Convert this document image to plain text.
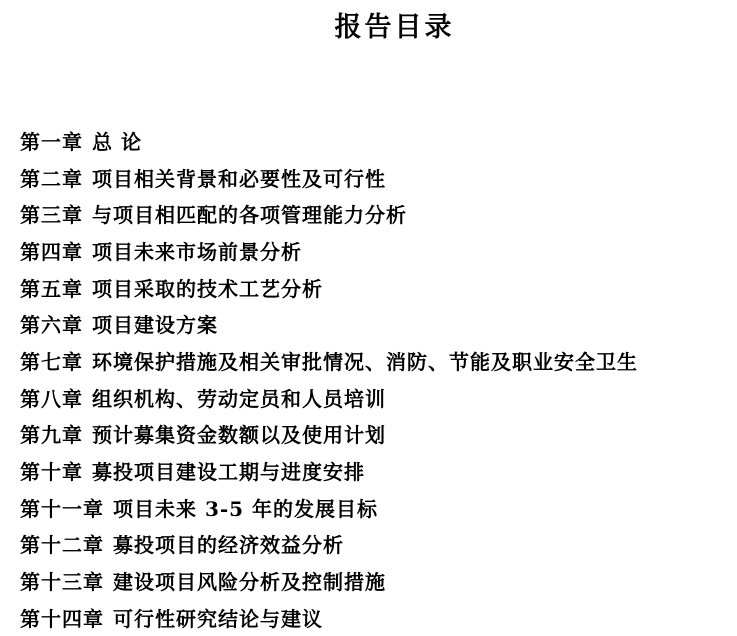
报告目录
第一章 总 论
第二章 项目相关背景和必要性及可行性
第三章 与项目相匹配的各项管理能力分析
第四章 项目未来市场前景分析
第五章 项目采取的技术工艺分析
第六章 项目建设方案
第七章 环境保护措施及相关审批情况、消防、节能及职业安全卫生
第八章 组织机构、劳动定员和人员培训
第九章 预计募集资金数额以及使用计划
第十章 募投项目建设工期与进度安排
第十一章 项目未来 3-5 年的发展目标
第十二章 募投项目的经济效益分析
第十三章 建设项目风险分析及控制措施
第十四章 可行性研究结论与建议
